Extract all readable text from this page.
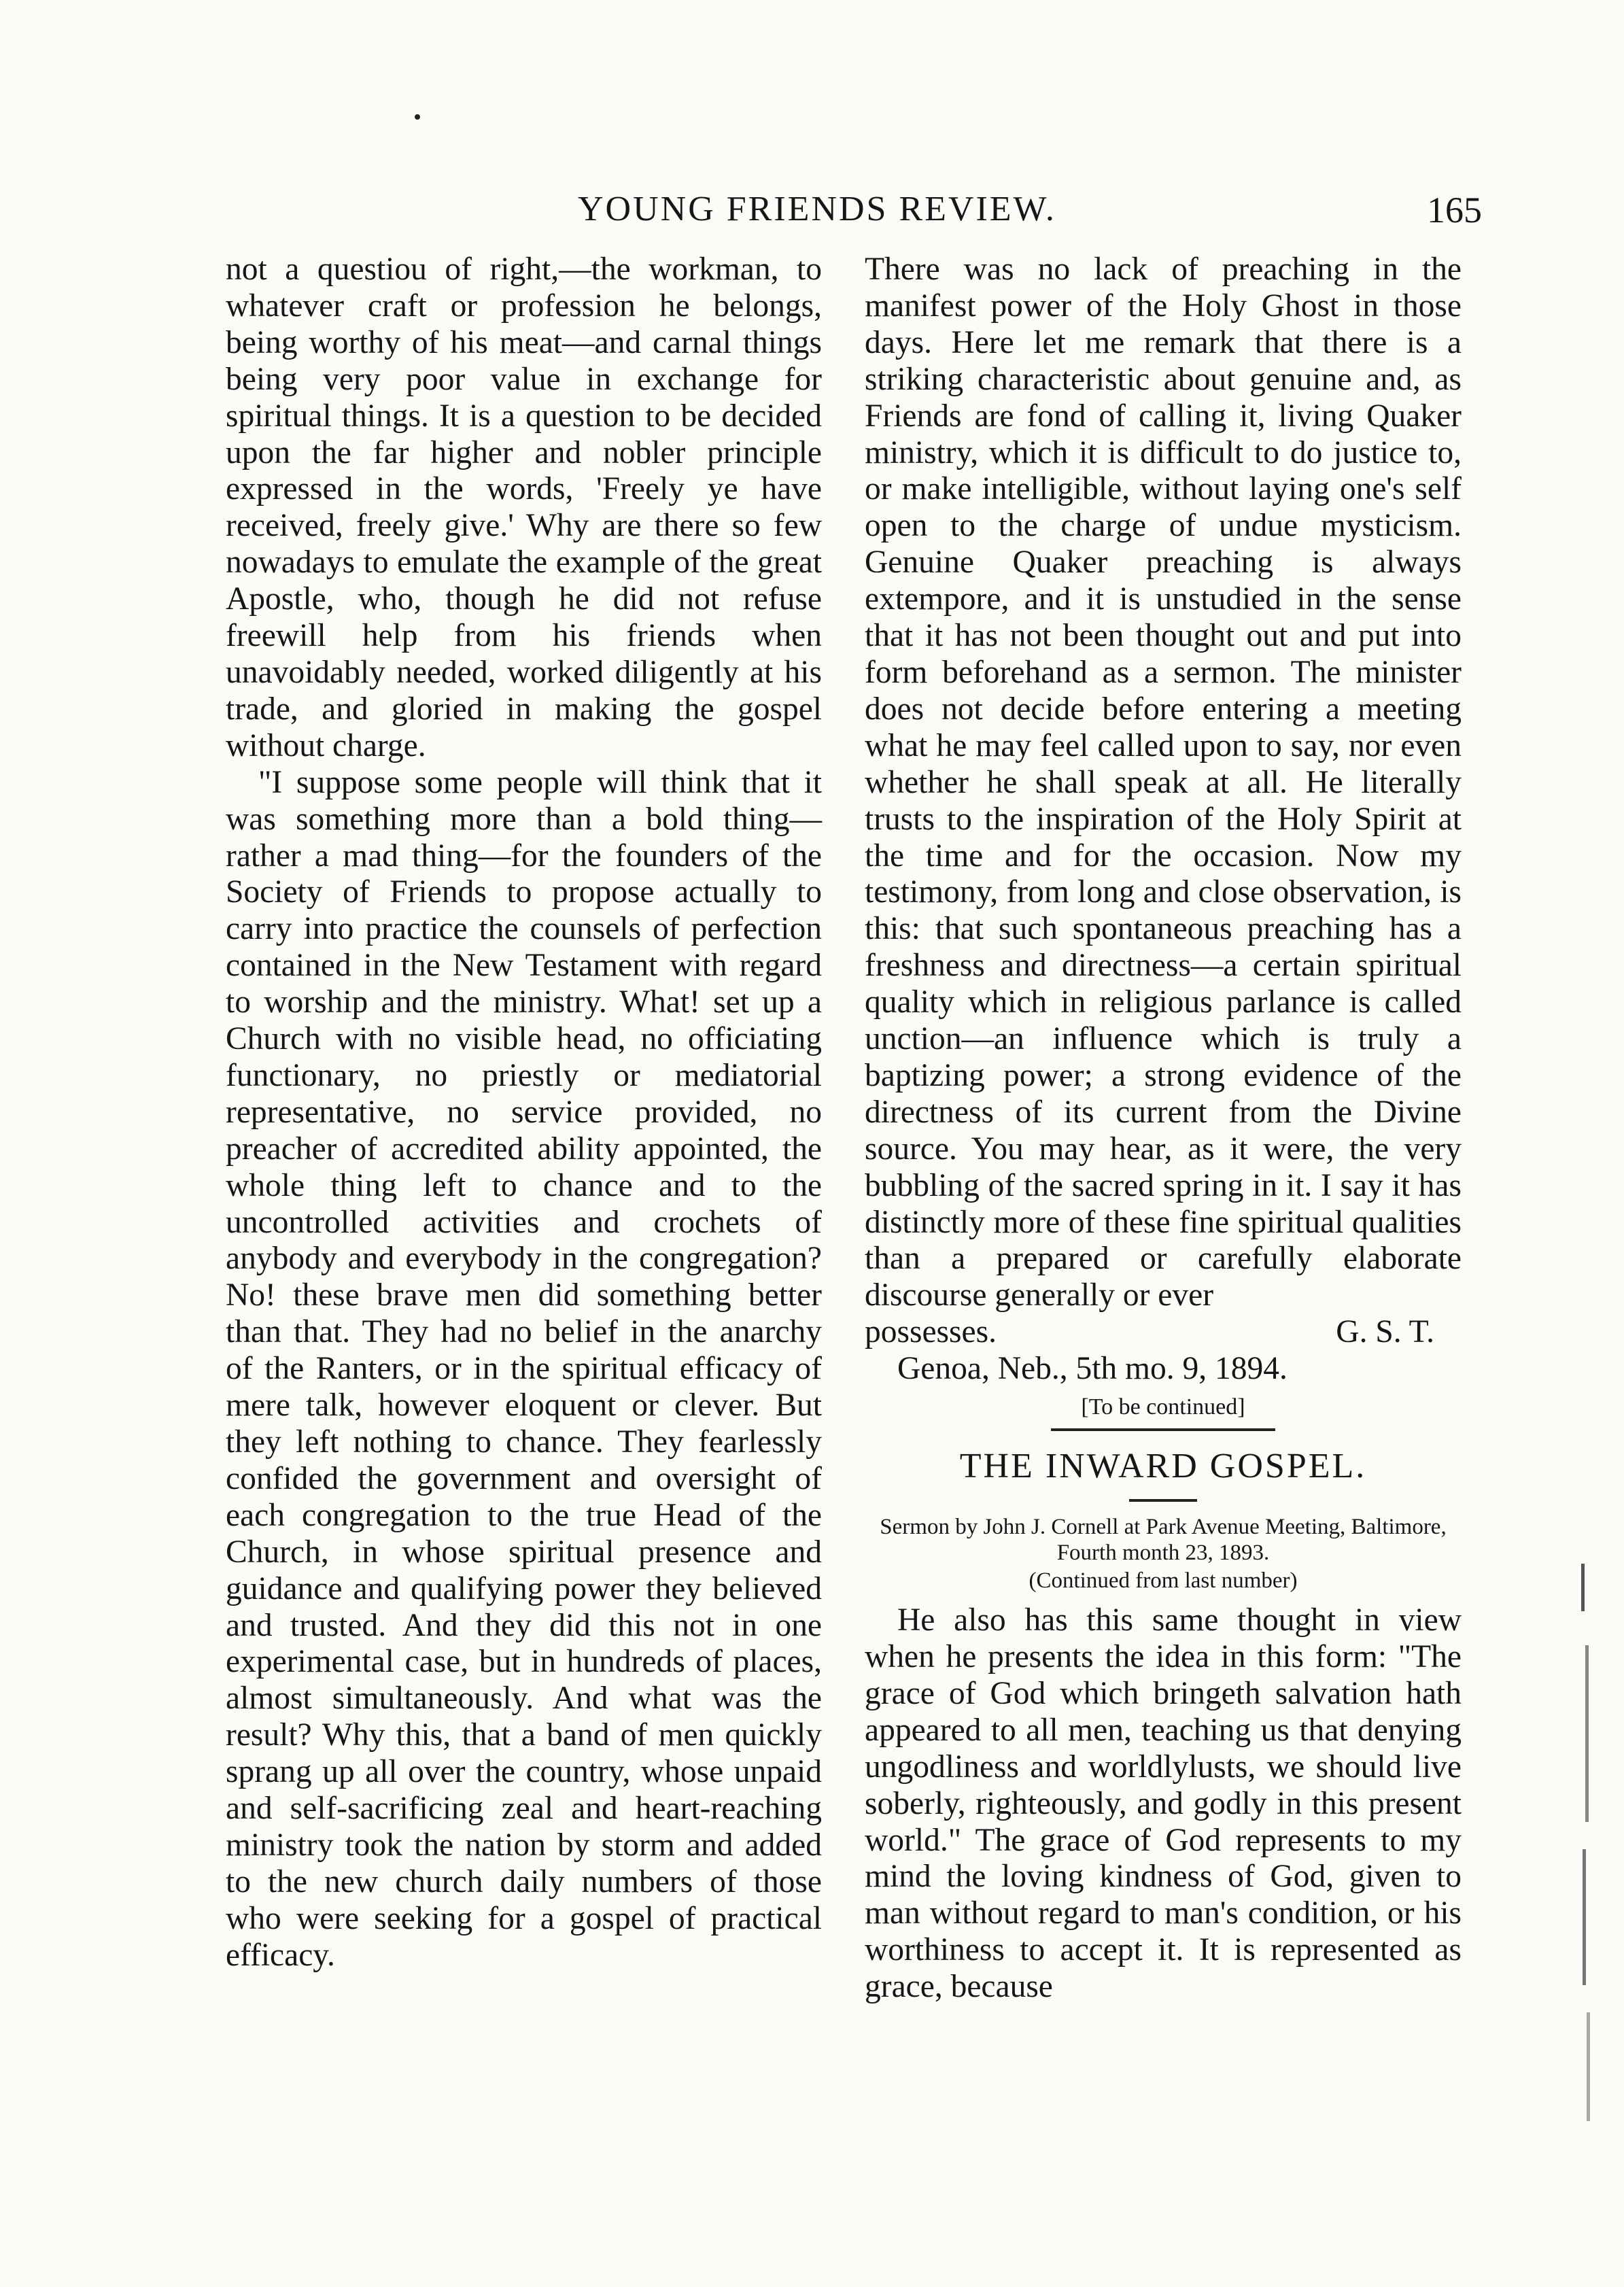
YOUNG FRIENDS REVIEW.	165

not a questiou of right,—the workman, to whatever craft or profession he belongs, being worthy of his meat—and carnal things being very poor value in exchange for spiritual things. It is a question to be decided upon the far higher and nobler principle expressed in the words, 'Freely ye have received, freely give.' Why are there so few nowadays to emulate the example of the great Apostle, who, though he did not refuse freewill help from his friends when unavoidably needed, worked diligently at his trade, and gloried in making the gospel without charge.

"I suppose some people will think that it was something more than a bold thing—rather a mad thing—for the founders of the Society of Friends to propose actually to carry into practice the counsels of perfection contained in the New Testament with regard to worship and the ministry. What! set up a Church with no visible head, no officiating functionary, no priestly or mediatorial representative, no service provided, no preacher of accredited ability appointed, the whole thing left to chance and to the uncontrolled activities and crochets of anybody and everybody in the congregation? No! these brave men did something better than that. They had no belief in the anarchy of the Ranters, or in the spiritual efficacy of mere talk, however eloquent or clever. But they left nothing to chance. They fearlessly confided the government and oversight of each congregation to the true Head of the Church, in whose spiritual presence and guidance and qualifying power they believed and trusted. And they did this not in one experimental case, but in hundreds of places, almost simultaneously. And what was the result? Why this, that a band of men quickly sprang up all over the country, whose unpaid and self-sacrificing zeal and heart-reaching ministry took the nation by storm and added to the new church daily numbers of those who were seeking for a gospel of practical efficacy.

There was no lack of preaching in the manifest power of the Holy Ghost in those days. Here let me remark that there is a striking characteristic about genuine and, as Friends are fond of calling it, living Quaker ministry, which it is difficult to do justice to, or make intelligible, without laying one's self open to the charge of undue mysticism. Genuine Quaker preaching is always extempore, and it is unstudied in the sense that it has not been thought out and put into form beforehand as a sermon. The minister does not decide before entering a meeting what he may feel called upon to say, nor even whether he shall speak at all. He literally trusts to the inspiration of the Holy Spirit at the time and for the occasion. Now my testimony, from long and close observation, is this: that such spontaneous preaching has a freshness and directness—a certain spiritual quality which in religious parlance is called unction—an influence which is truly a baptizing power; a strong evidence of the directness of its current from the Divine source. You may hear, as it were, the very bubbling of the sacred spring in it. I say it has distinctly more of these fine spiritual qualities than a prepared or carefully elaborate discourse generally or ever

possesses.	G. S. T.

Genoa, Neb., 5th mo. 9, 1894.

[To be continued]
THE INWARD GOSPEL.
Sermon by John J. Cornell at Park Avenue Meeting, Baltimore, Fourth month 23, 1893.
(Continued from last number)

He also has this same thought in view when he presents the idea in this form: "The grace of God which bringeth salvation hath appeared to all men, teaching us that denying ungodliness and worldlylusts, we should live soberly, righteously, and godly in this present world." The grace of God represents to my mind the loving kindness of God, given to man without regard to man's condition, or his worthiness to accept it. It is represented as grace, because
